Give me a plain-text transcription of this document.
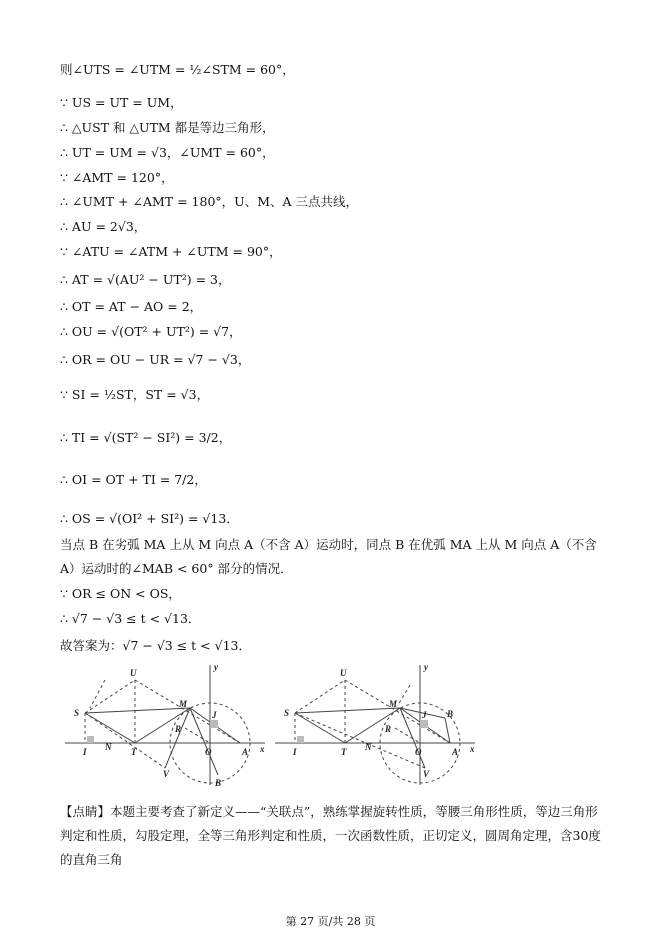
则∠UTS = ∠UTM = ½∠STM = 60°，
∵ US = UT = UM，
∴ △UST 和 △UTM 都是等边三角形，
∴ UT = UM = √3，∠UMT = 60°，
∵ ∠AMT = 120°，
∴ ∠UMT + ∠AMT = 180°，U、M、A 三点共线，
∴ AU = 2√3，
∵ ∠ATU = ∠ATM + ∠UTM = 90°，
∴ AT = √(AU² − UT²) = 3，
∴ OT = AT − AO = 2，
∴ OU = √(OT² + UT²) = √7，
∴ OR = OU − UR = √7 − √3，
∵ SI = ½ST，ST = √3，
∴ TI = √(ST² − SI²) = 3/2，
∴ OI = OT + TI = 7/2，
∴ OS = √(OI² + SI²) = √13．
当点 B 在劣弧 MA 上从 M 向点 A（不含 A）运动时，同点 B 在优弧 MA 上从 M 向点 A（不含 A）运动时的∠MAB < 60° 部分的情况．
∵ OR ≤ ON < OS，
∴ √7 − √3 ≤ t < √13．
故答案为：√7 − √3 ≤ t < √13．
U
y
S
M
J
R
I N T	O	A x
V
B
U
y
S
M
B
J
R
I	T N	O	A x
V
【点睛】本题主要考查了新定义——“关联点”，熟练掌握旋转性质，等腰三角形性质，等边三角形判定和性质，勾股定理，全等三角形判定和性质，一次函数性质，正切定义，圆周角定理，含30度的直角三角
第 27 页/共 28 页
